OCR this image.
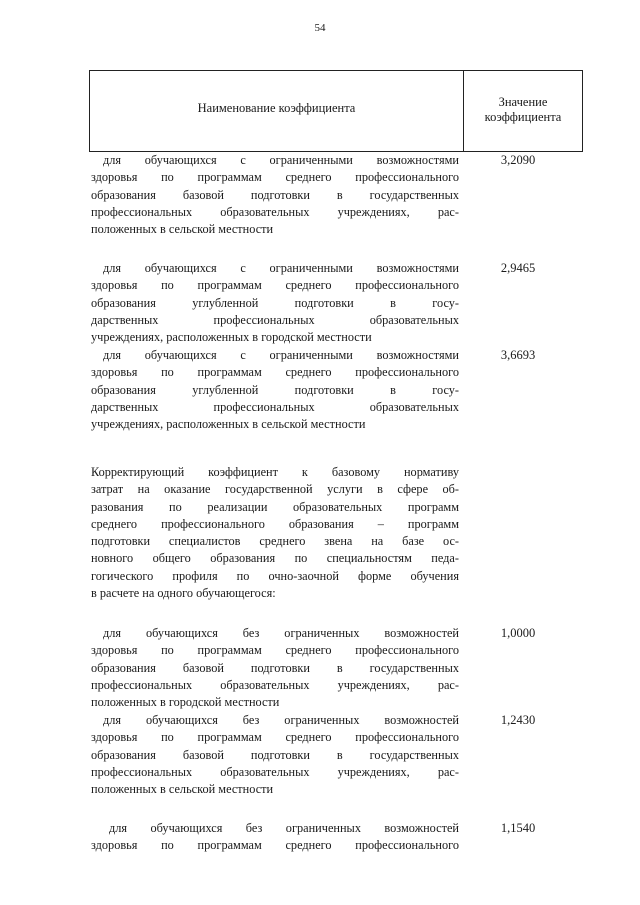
54
Наименование коэффициента	Значение
коэффициента
для обучающихся с ограниченными возможностями
здоровья по программам среднего профессионального
образования базовой подготовки в государственных
профессиональных образовательных учреждениях, рас-
положенных в сельской местности
3,2090
для обучающихся с ограниченными возможностями
здоровья по программам среднего профессионального
образования углубленной подготовки в госу-
дарственных профессиональных образовательных
учреждениях, расположенных в городской местности
2,9465
для обучающихся с ограниченными возможностями
здоровья по программам среднего профессионального
образования углубленной подготовки в госу-
дарственных профессиональных образовательных
учреждениях, расположенных в сельской местности
3,6693
Корректирующий коэффициент к базовому нормативу
затрат на оказание государственной услуги в сфере об-
разования по реализации образовательных программ
среднего профессионального образования – программ
подготовки специалистов среднего звена на базе ос-
новного общего образования по специальностям педа-
гогического профиля по очно-заочной форме обучения
в расчете на одного обучающегося:
для обучающихся без ограниченных возможностей
здоровья по программам среднего профессионального
образования базовой подготовки в государственных
профессиональных образовательных учреждениях, рас-
положенных в городской местности
1,0000
для обучающихся без ограниченных возможностей
здоровья по программам среднего профессионального
образования базовой подготовки в государственных
профессиональных образовательных учреждениях, рас-
положенных в сельской местности
1,2430
для обучающихся без ограниченных возможностей
здоровья по программам среднего профессионального
1,1540
